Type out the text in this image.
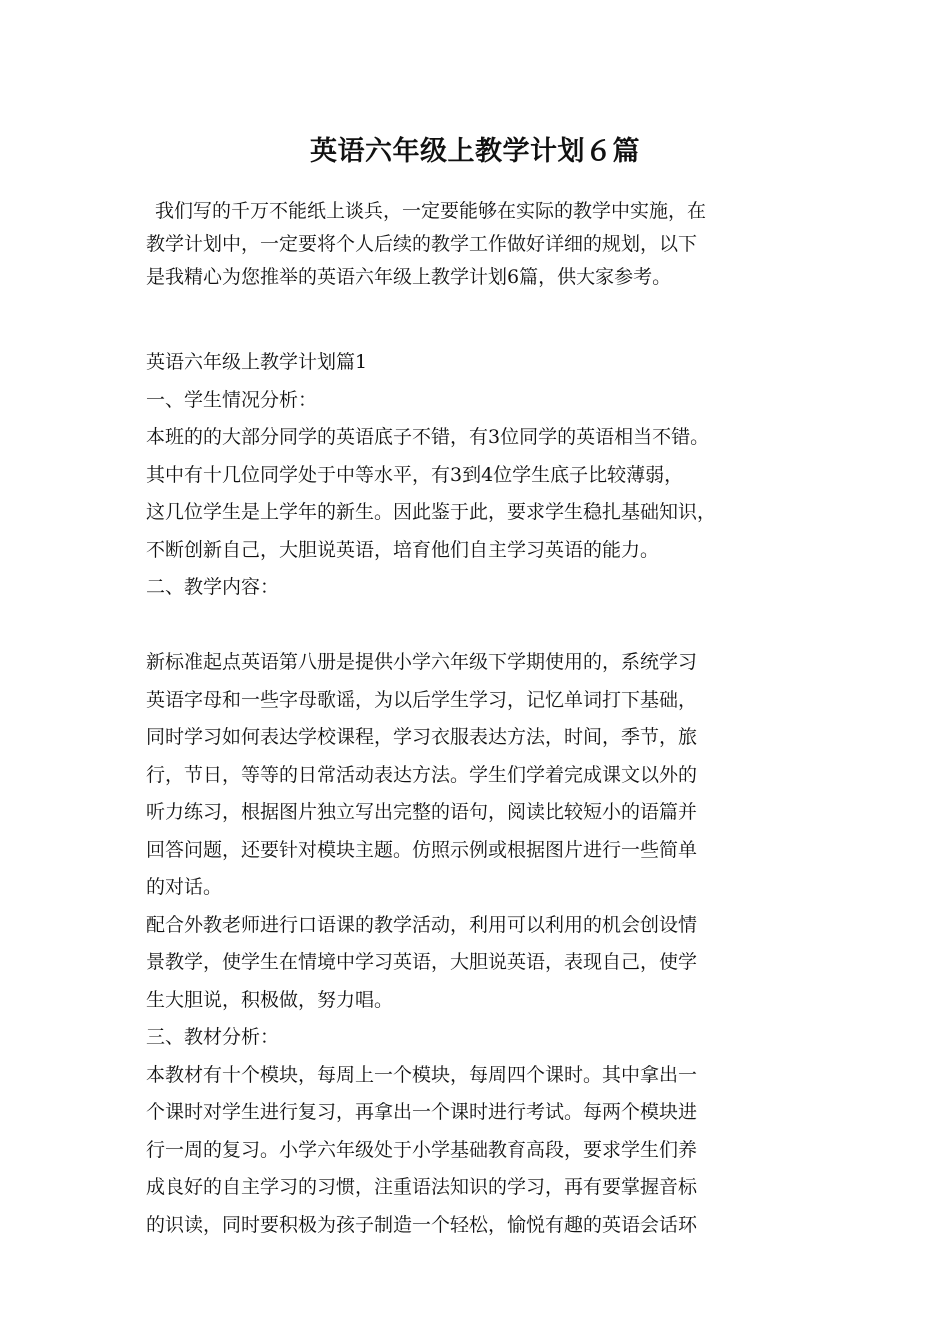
英语六年级上教学计划６篇
我们写的千万不能纸上谈兵，一定要能够在实际的教学中实施，在
教学计划中，一定要将个人后续的教学工作做好详细的规划，以下
是我精心为您推举的英语六年级上教学计划6篇，供大家参考。
英语六年级上教学计划篇1
一、学生情况分析：
本班的的大部分同学的英语底子不错，有3位同学的英语相当不错。
其中有十几位同学处于中等水平，有3到4位学生底子比较薄弱，
这几位学生是上学年的新生。因此鉴于此，要求学生稳扎基础知识，
不断创新自己，大胆说英语，培育他们自主学习英语的能力。
二、教学内容：
新标准起点英语第八册是提供小学六年级下学期使用的，系统学习
英语字母和一些字母歌谣，为以后学生学习，记忆单词打下基础，
同时学习如何表达学校课程，学习衣服表达方法，时间，季节，旅
行，节日，等等的日常活动表达方法。学生们学着完成课文以外的
听力练习，根据图片独立写出完整的语句，阅读比较短小的语篇并
回答问题，还要针对模块主题。仿照示例或根据图片进行一些简单
的对话。
配合外教老师进行口语课的教学活动，利用可以利用的机会创设情
景教学，使学生在情境中学习英语，大胆说英语，表现自己，使学
生大胆说，积极做，努力唱。
三、教材分析：
本教材有十个模块，每周上一个模块，每周四个课时。其中拿出一
个课时对学生进行复习，再拿出一个课时进行考试。每两个模块进
行一周的复习。小学六年级处于小学基础教育高段，要求学生们养
成良好的自主学习的习惯，注重语法知识的学习，再有要掌握音标
的识读，同时要积极为孩子制造一个轻松，愉悦有趣的英语会话环
